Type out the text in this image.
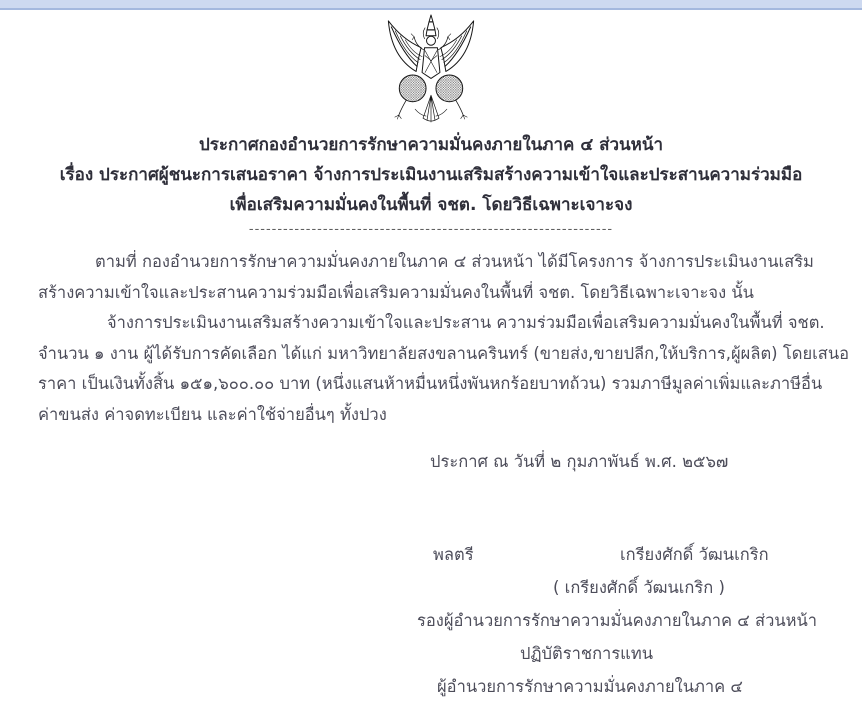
ประกาศกองอำนวยการรักษาความมั่นคงภายในภาค ๔ ส่วนหน้า
เรื่อง ประกาศผู้ชนะการเสนอราคา จ้างการประเมินงานเสริมสร้างความเข้าใจและประสานความร่วมมือ
เพื่อเสริมความมั่นคงในพื้นที่ จชต. โดยวิธีเฉพาะเจาะจง
----------------------------------------------------------------
ตามที่ กองอำนวยการรักษาความมั่นคงภายในภาค ๔ ส่วนหน้า ได้มีโครงการ จ้างการประเมินงานเสริม
สร้างความเข้าใจและประสานความร่วมมือเพื่อเสริมความมั่นคงในพื้นที่ จชต. โดยวิธีเฉพาะเจาะจง นั้น
จ้างการประเมินงานเสริมสร้างความเข้าใจและประสาน ความร่วมมือเพื่อเสริมความมั่นคงในพื้นที่ จชต.
จำนวน ๑ งาน ผู้ได้รับการคัดเลือก ได้แก่ มหาวิทยาลัยสงขลานครินทร์ (ขายส่ง,ขายปลีก,ให้บริการ,ผู้ผลิต) โดยเสนอ
ราคา เป็นเงินทั้งสิ้น ๑๕๑,๖๐๐.๐๐ บาท (หนึ่งแสนห้าหมื่นหนึ่งพันหกร้อยบาทถ้วน) รวมภาษีมูลค่าเพิ่มและภาษีอื่น
ค่าขนส่ง ค่าจดทะเบียน และค่าใช้จ่ายอื่นๆ ทั้งปวง
ประกาศ ณ วันที่ ๒ กุมภาพันธ์ พ.ศ. ๒๕๖๗
พลตรี	เกรียงศักดิ์ วัฒนเกริก
( เกรียงศักดิ์ วัฒนเกริก )
รองผู้อำนวยการรักษาความมั่นคงภายในภาค ๔ ส่วนหน้า
ปฏิบัติราชการแทน
ผู้อำนวยการรักษาความมั่นคงภายในภาค ๔
